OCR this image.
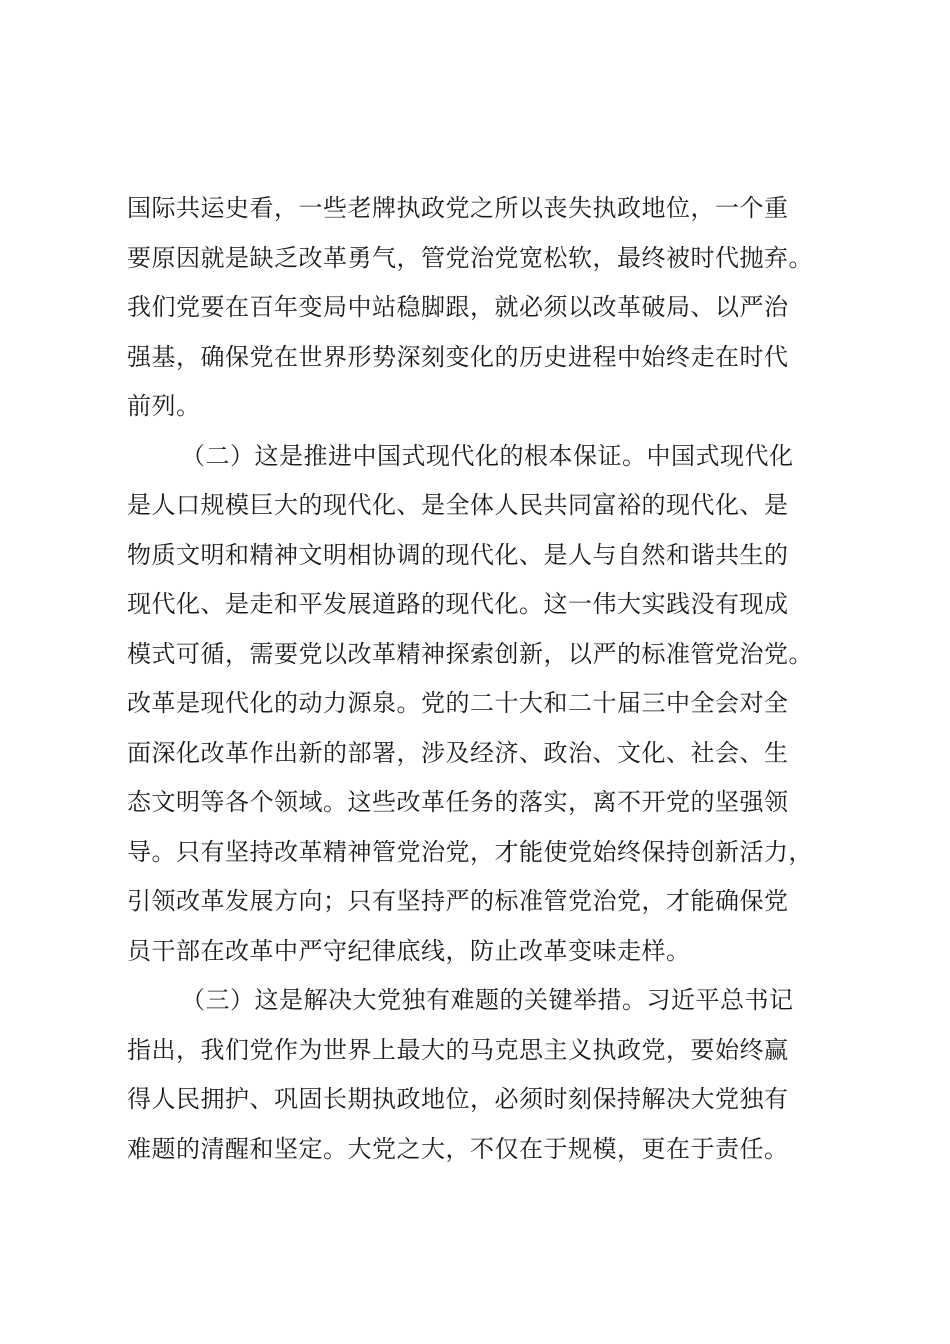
国际共运史看，一些老牌执政党之所以丧失执政地位，一个重
要原因就是缺乏改革勇气，管党治党宽松软，最终被时代抛弃。
我们党要在百年变局中站稳脚跟，就必须以改革破局、以严治
强基，确保党在世界形势深刻变化的历史进程中始终走在时代
前列。
（二）这是推进中国式现代化的根本保证。中国式现代化
是人口规模巨大的现代化、是全体人民共同富裕的现代化、是
物质文明和精神文明相协调的现代化、是人与自然和谐共生的
现代化、是走和平发展道路的现代化。这一伟大实践没有现成
模式可循，需要党以改革精神探索创新，以严的标准管党治党。
改革是现代化的动力源泉。党的二十大和二十届三中全会对全
面深化改革作出新的部署，涉及经济、政治、文化、社会、生
态文明等各个领域。这些改革任务的落实，离不开党的坚强领
导。只有坚持改革精神管党治党，才能使党始终保持创新活力，
引领改革发展方向；只有坚持严的标准管党治党，才能确保党
员干部在改革中严守纪律底线，防止改革变味走样。
（三）这是解决大党独有难题的关键举措。习近平总书记
指出，我们党作为世界上最大的马克思主义执政党，要始终赢
得人民拥护、巩固长期执政地位，必须时刻保持解决大党独有
难题的清醒和坚定。大党之大，不仅在于规模，更在于责任。
